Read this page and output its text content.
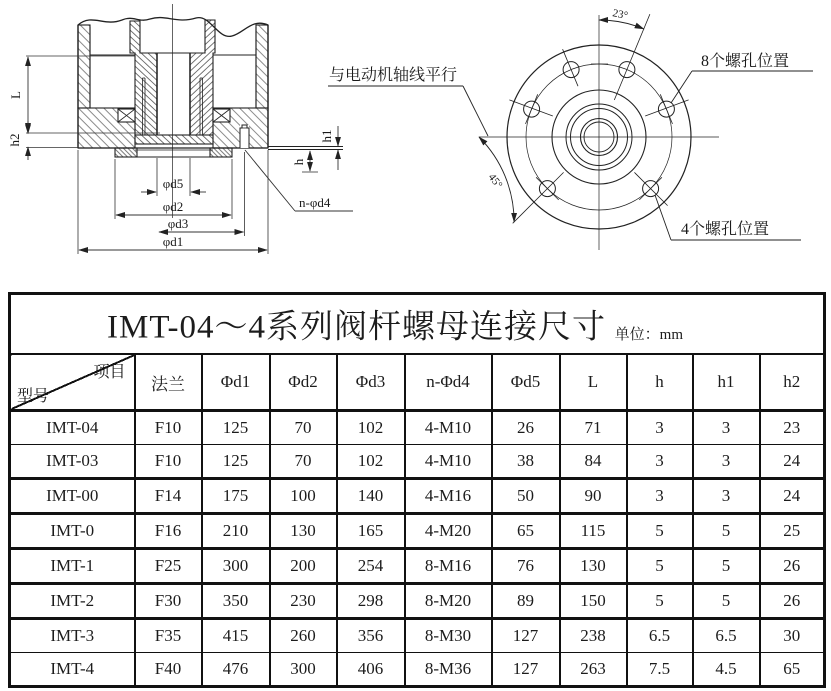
L
h2	h1
h
φd5
φd2
φd3
φd1
n-φd4
23°
45°
与电动机轴线平行
8个螺孔位置
4个螺孔位置
IMT-04～4系列阀杆螺母连接尺寸 单位：mm										

项目
型号	法兰	Φd1	Φd2	Φd3	n-Φd4	Φd5	L	h	h1	h2
IMT-04	F10	125	70	102	4-M10	26	71	3	3	23
IMT-03	F10	125	70	102	4-M10	38	84	3	3	24
IMT-00	F14	175	100	140	4-M16	50	90	3	3	24
IMT-0	F16	210	130	165	4-M20	65	115	5	5	25
IMT-1	F25	300	200	254	8-M16	76	130	5	5	26
IMT-2	F30	350	230	298	8-M20	89	150	5	5	26
IMT-3	F35	415	260	356	8-M30	127	238	6.5	6.5	30
IMT-4	F40	476	300	406	8-M36	127	263	7.5	4.5	65
